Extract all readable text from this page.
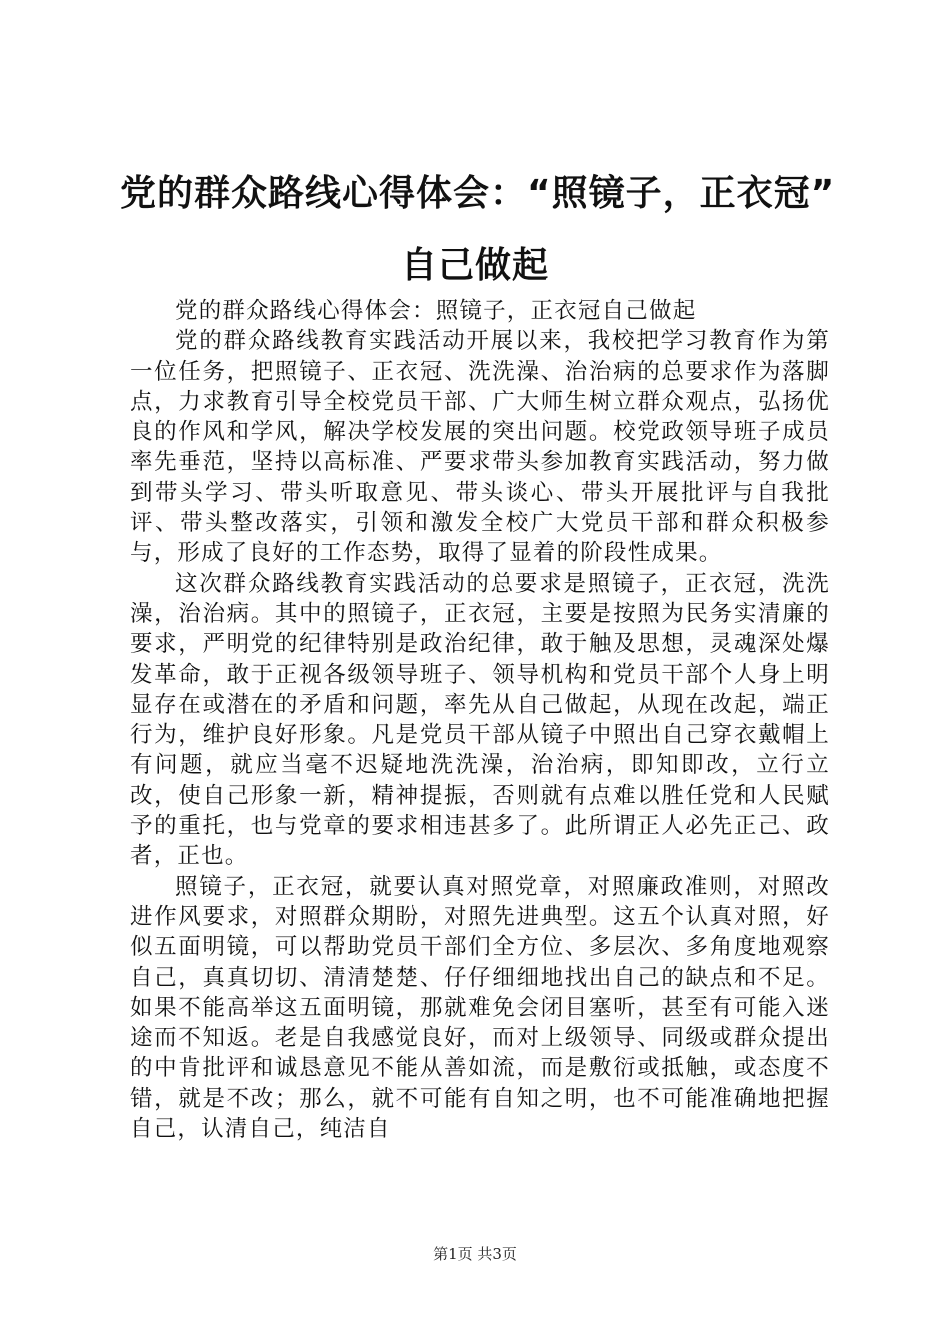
党的群众路线心得体会：“照镜子，正衣冠”
自己做起

党的群众路线心得体会：照镜子，正衣冠自己做起

党的群众路线教育实践活动开展以来，我校把学习教育作为第一位任务，把照镜子、正衣冠、洗洗澡、治治病的总要求作为落脚点，力求教育引导全校党员干部、广大师生树立群众观点，弘扬优良的作风和学风，解决学校发展的突出问题。校党政领导班子成员率先垂范，坚持以高标准、严要求带头参加教育实践活动，努力做到带头学习、带头听取意见、带头谈心、带头开展批评与自我批评、带头整改落实，引领和激发全校广大党员干部和群众积极参与，形成了良好的工作态势，取得了显着的阶段性成果。

这次群众路线教育实践活动的总要求是照镜子，正衣冠，洗洗澡，治治病。其中的照镜子，正衣冠，主要是按照为民务实清廉的要求，严明党的纪律特别是政治纪律，敢于触及思想，灵魂深处爆发革命，敢于正视各级领导班子、领导机构和党员干部个人身上明显存在或潜在的矛盾和问题，率先从自己做起，从现在改起，端正行为，维护良好形象。凡是党员干部从镜子中照出自己穿衣戴帽上有问题，就应当毫不迟疑地洗洗澡，治治病，即知即改，立行立改，使自己形象一新，精神提振，否则就有点难以胜任党和人民赋予的重托，也与党章的要求相违甚多了。此所谓正人必先正己、政者，正也。

照镜子，正衣冠，就要认真对照党章，对照廉政准则，对照改进作风要求，对照群众期盼，对照先进典型。这五个认真对照，好似五面明镜，可以帮助党员干部们全方位、多层次、多角度地观察自己，真真切切、清清楚楚、仔仔细细地找出自己的缺点和不足。如果不能高举这五面明镜，那就难免会闭目塞听，甚至有可能入迷途而不知返。老是自我感觉良好，而对上级领导、同级或群众提出的中肯批评和诚恳意见不能从善如流，而是敷衍或抵触，或态度不错，就是不改；那么，就不可能有自知之明，也不可能准确地把握自己，认清自己，纯洁自

第1页 共3页
